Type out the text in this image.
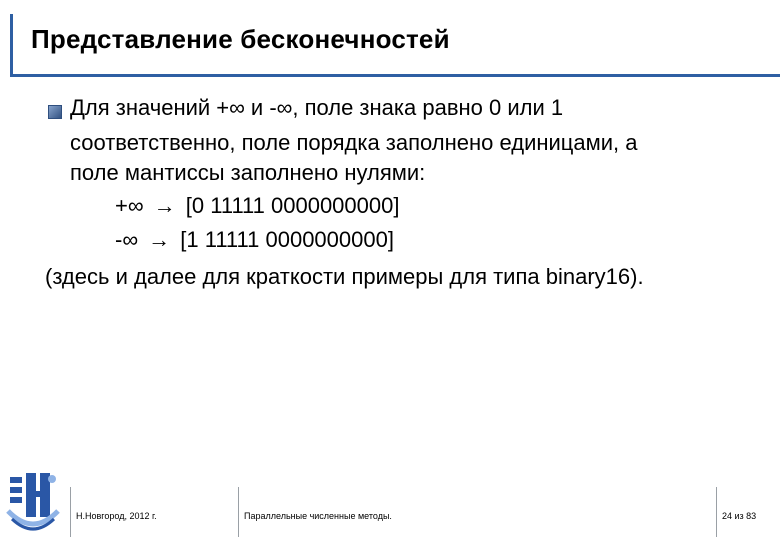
Представление бесконечностей
Для значений +∞ и -∞, поле знака равно 0 или 1
соответственно, поле порядка заполнено единицами, а
поле мантиссы заполнено нулями:
+∞ → [0 11111 0000000000]
-∞ → [1 11111 0000000000]
(здесь и далее для краткости примеры для типа binary16).
Н.Новгород, 2012 г.	Параллельные численные методы.	24 из 83
